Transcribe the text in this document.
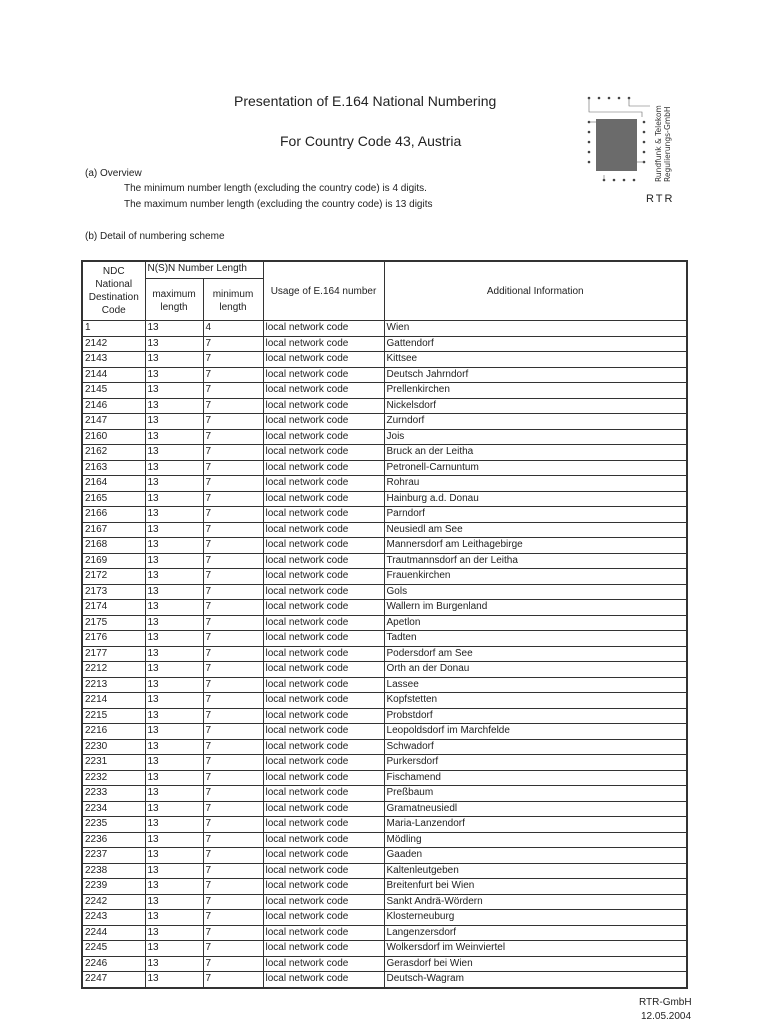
Presentation of E.164 National Numbering
For Country Code 43, Austria	Rundfunk & Telekom Regulierungs-GmbH
RTR
(a) Overview
The minimum number length (excluding the country code) is 4 digits.
The maximum number length (excluding the country code) is 13 digits
(b) Detail of numbering scheme
NDC National Destination Code	N(S)N Number Length		Usage of E.164 number	Additional Information
	maximum length	minimum length		
1	13	4	local network code	Wien
2142	13	7	local network code	Gattendorf
2143	13	7	local network code	Kittsee
2144	13	7	local network code	Deutsch Jahrndorf
2145	13	7	local network code	Prellenkirchen
2146	13	7	local network code	Nickelsdorf
2147	13	7	local network code	Zurndorf
2160	13	7	local network code	Jois
2162	13	7	local network code	Bruck an der Leitha
2163	13	7	local network code	Petronell-Carnuntum
2164	13	7	local network code	Rohrau
2165	13	7	local network code	Hainburg a.d. Donau
2166	13	7	local network code	Parndorf
2167	13	7	local network code	Neusiedl am See
2168	13	7	local network code	Mannersdorf am Leithagebirge
2169	13	7	local network code	Trautmannsdorf an der Leitha
2172	13	7	local network code	Frauenkirchen
2173	13	7	local network code	Gols
2174	13	7	local network code	Wallern im Burgenland
2175	13	7	local network code	Apetlon
2176	13	7	local network code	Tadten
2177	13	7	local network code	Podersdorf am See
2212	13	7	local network code	Orth an der Donau
2213	13	7	local network code	Lassee
2214	13	7	local network code	Kopfstetten
2215	13	7	local network code	Probstdorf
2216	13	7	local network code	Leopoldsdorf im Marchfelde
2230	13	7	local network code	Schwadorf
2231	13	7	local network code	Purkersdorf
2232	13	7	local network code	Fischamend
2233	13	7	local network code	Preßbaum
2234	13	7	local network code	Gramatneusiedl
2235	13	7	local network code	Maria-Lanzendorf
2236	13	7	local network code	Mödling
2237	13	7	local network code	Gaaden
2238	13	7	local network code	Kaltenleutgeben
2239	13	7	local network code	Breitenfurt bei Wien
2242	13	7	local network code	Sankt Andrä-Wördern
2243	13	7	local network code	Klosterneuburg
2244	13	7	local network code	Langenzersdorf
2245	13	7	local network code	Wolkersdorf im Weinviertel
2246	13	7	local network code	Gerasdorf bei Wien
2247	13	7	local network code	Deutsch-Wagram
RTR-GmbH
12.05.2004
